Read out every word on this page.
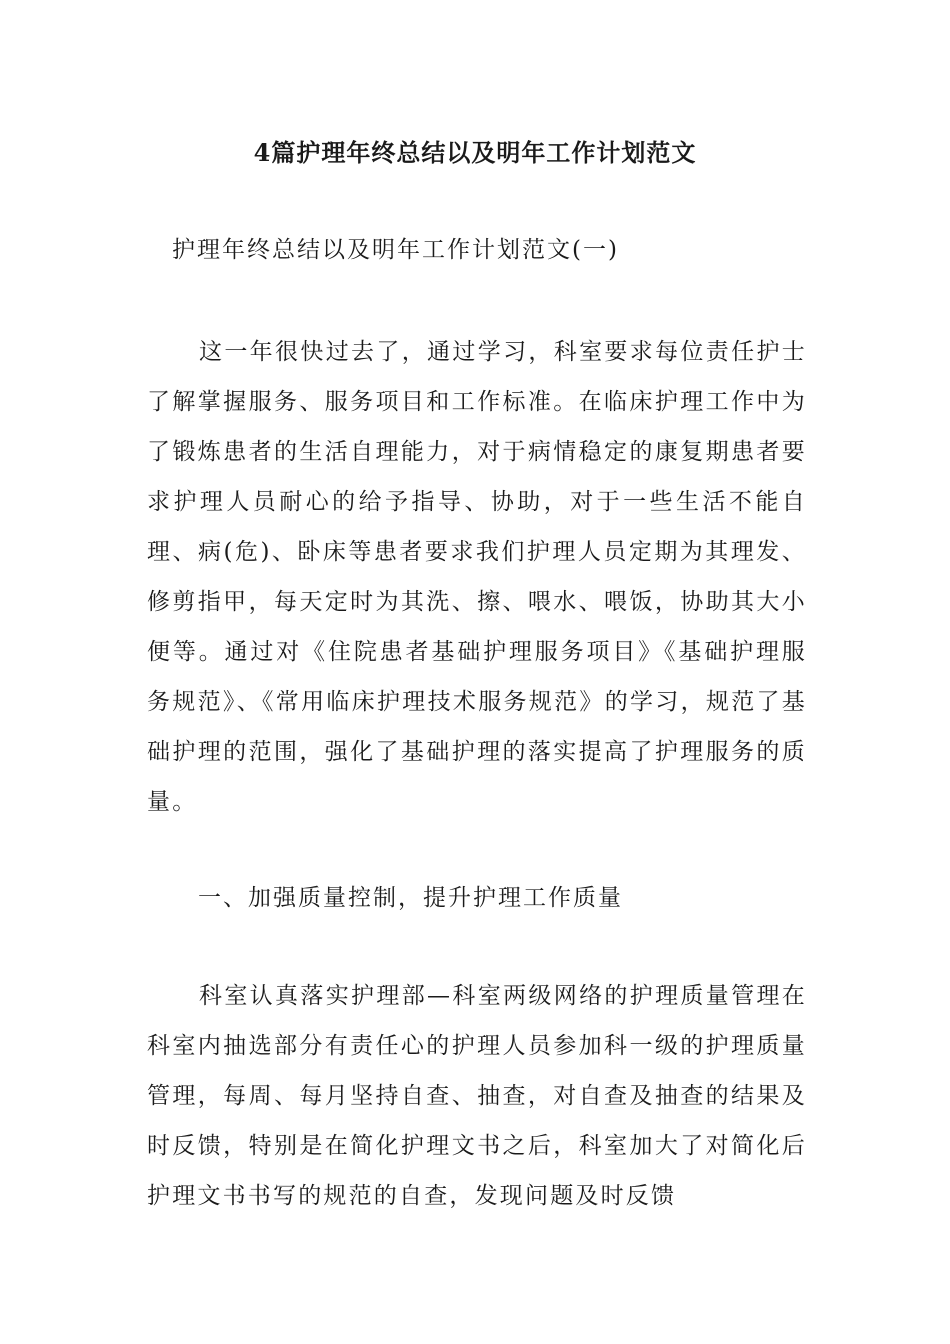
4篇护理年终总结以及明年工作计划范文
护理年终总结以及明年工作计划范文(一)

这一年很快过去了，通过学习，科室要求每位责任护士了解掌握服务、服务项目和工作标准。在临床护理工作中为了锻炼患者的生活自理能力，对于病情稳定的康复期患者要求护理人员耐心的给予指导、协助，对于一些生活不能自理、病(危)、卧床等患者要求我们护理人员定期为其理发、修剪指甲，每天定时为其洗、擦、喂水、喂饭，协助其大小便等。通过对《住院患者基础护理服务项目》《基础护理服务规范》、《常用临床护理技术服务规范》的学习，规范了基础护理的范围，强化了基础护理的落实提高了护理服务的质量。

一、加强质量控制，提升护理工作质量

科室认真落实护理部—科室两级网络的护理质量管理在科室内抽选部分有责任心的护理人员参加科一级的护理质量管理，每周、每月坚持自查、抽查，对自查及抽查的结果及时反馈，特别是在简化护理文书之后，科室加大了对简化后护理文书书写的规范的自查，发现问题及时反馈
